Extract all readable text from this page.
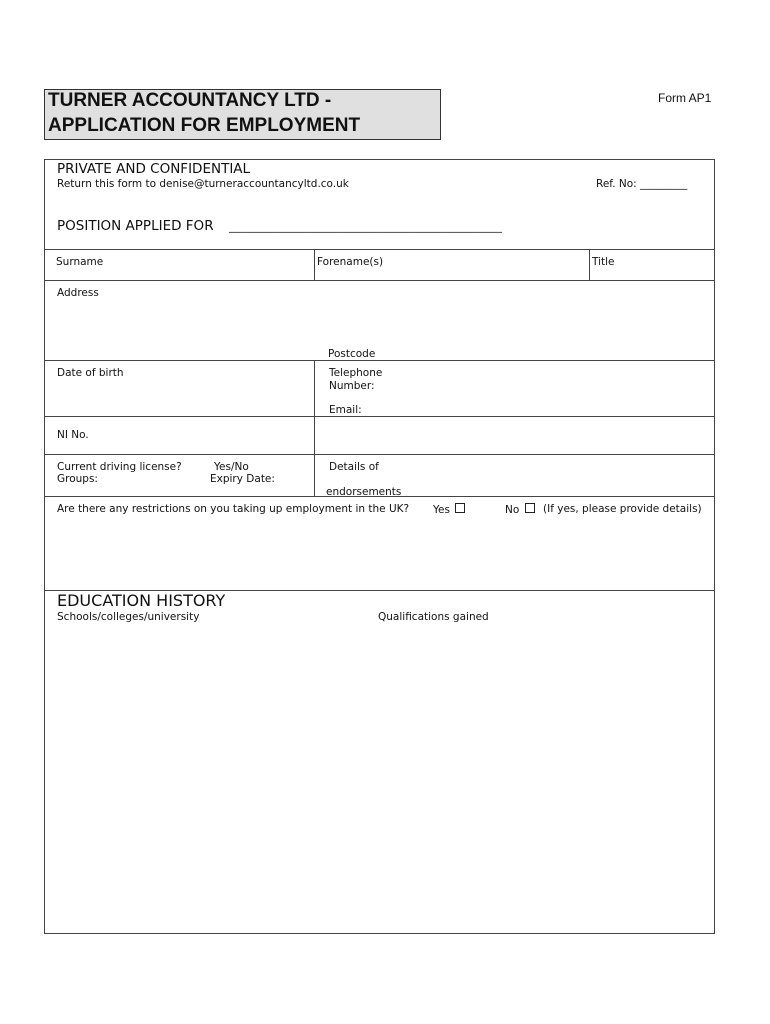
TURNER ACCOUNTANCY LTD -
APPLICATION FOR EMPLOYMENT
Form AP1
PRIVATE AND CONFIDENTIAL
Return this form to denise@turneraccountancyltd.co.uk	Ref. No: _________
POSITION APPLIED FOR ____________________________________________________
Surname	Forename(s)	Title
Address
Postcode
Date of birth	Telephone
Number:
Email:
NI No.
Current driving license?	Yes/No
Groups:	Expiry Date:
Details of
endorsements
Are there any restrictions on you taking up employment in the UK? Yes	No	(If yes, please provide details)
EDUCATION HISTORY
Schools/colleges/university	Qualifications gained
